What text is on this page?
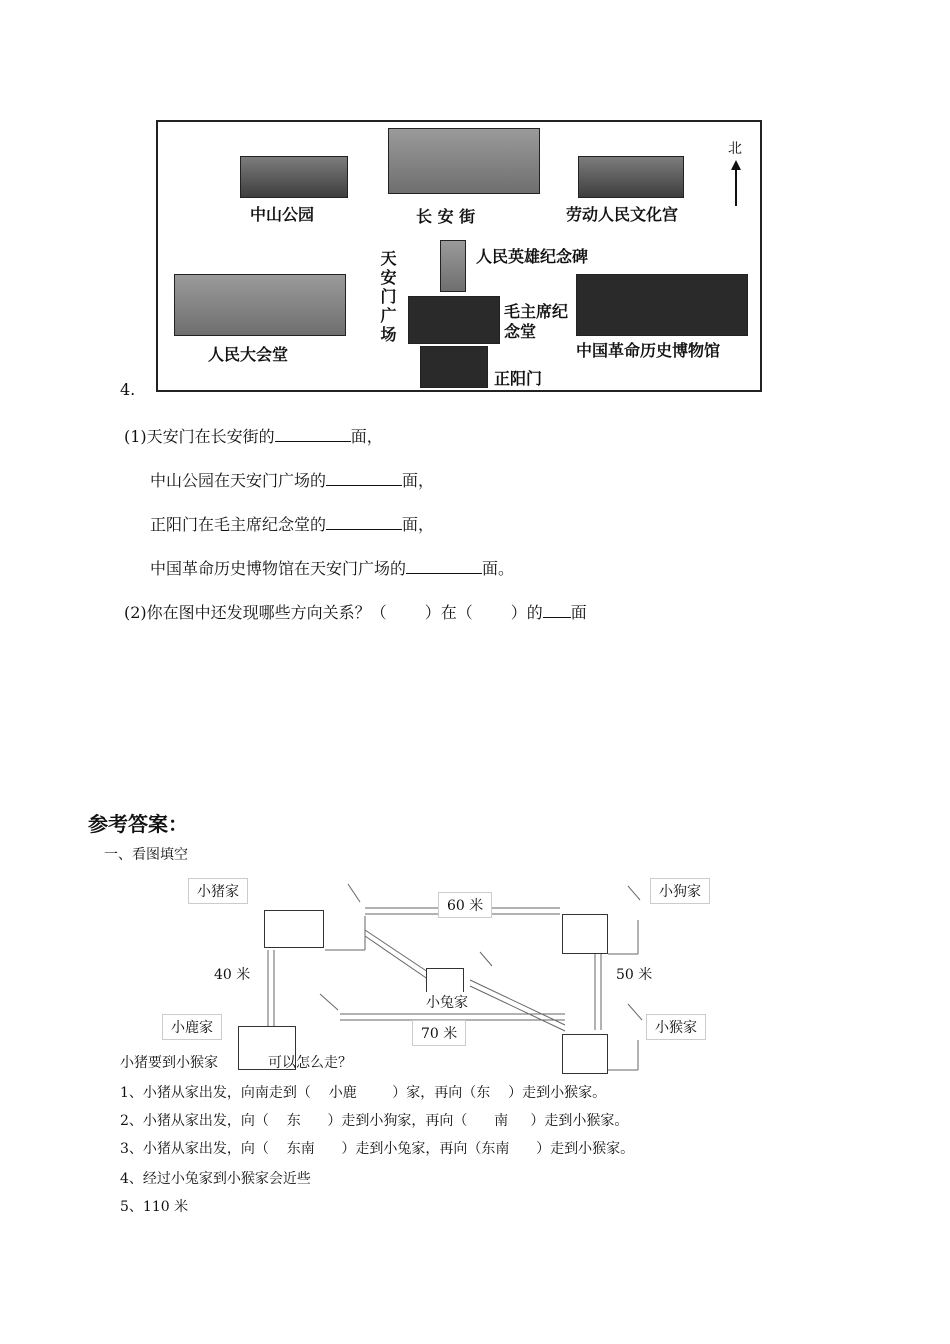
中山公园	长 安 街	劳动人民文化宫
天安门广场	人民英雄纪念碑
毛主席纪念堂
人民大会堂	中国革命历史博物馆
正阳门
北
4.
(1)天安门在长安街的	面，
中山公园在天安门广场的	面，
正阳门在毛主席纪念堂的	面，
中国革命历史博物馆在天安门广场的	面。
(2)你在图中还发现哪些方向关系？（ ）在（ ）的 面
参考答案：
一、看图填空
小猪家	小狗家
小鹿家	小猴家
小兔家
60 米
40 米	50 米
70 米
小猪要到小猴家	可以怎么走？
1、小猪从家出发，向南走到（    小鹿        ）家，再向（东    ）走到小猴家。
2、小猪从家出发，向（    东      ）走到小狗家，再向（      南     ）走到小猴家。
3、小猪从家出发，向（    东南      ）走到小兔家，再向（东南      ）走到小猴家。
4、经过小兔家到小猴家会近些
5、110 米
